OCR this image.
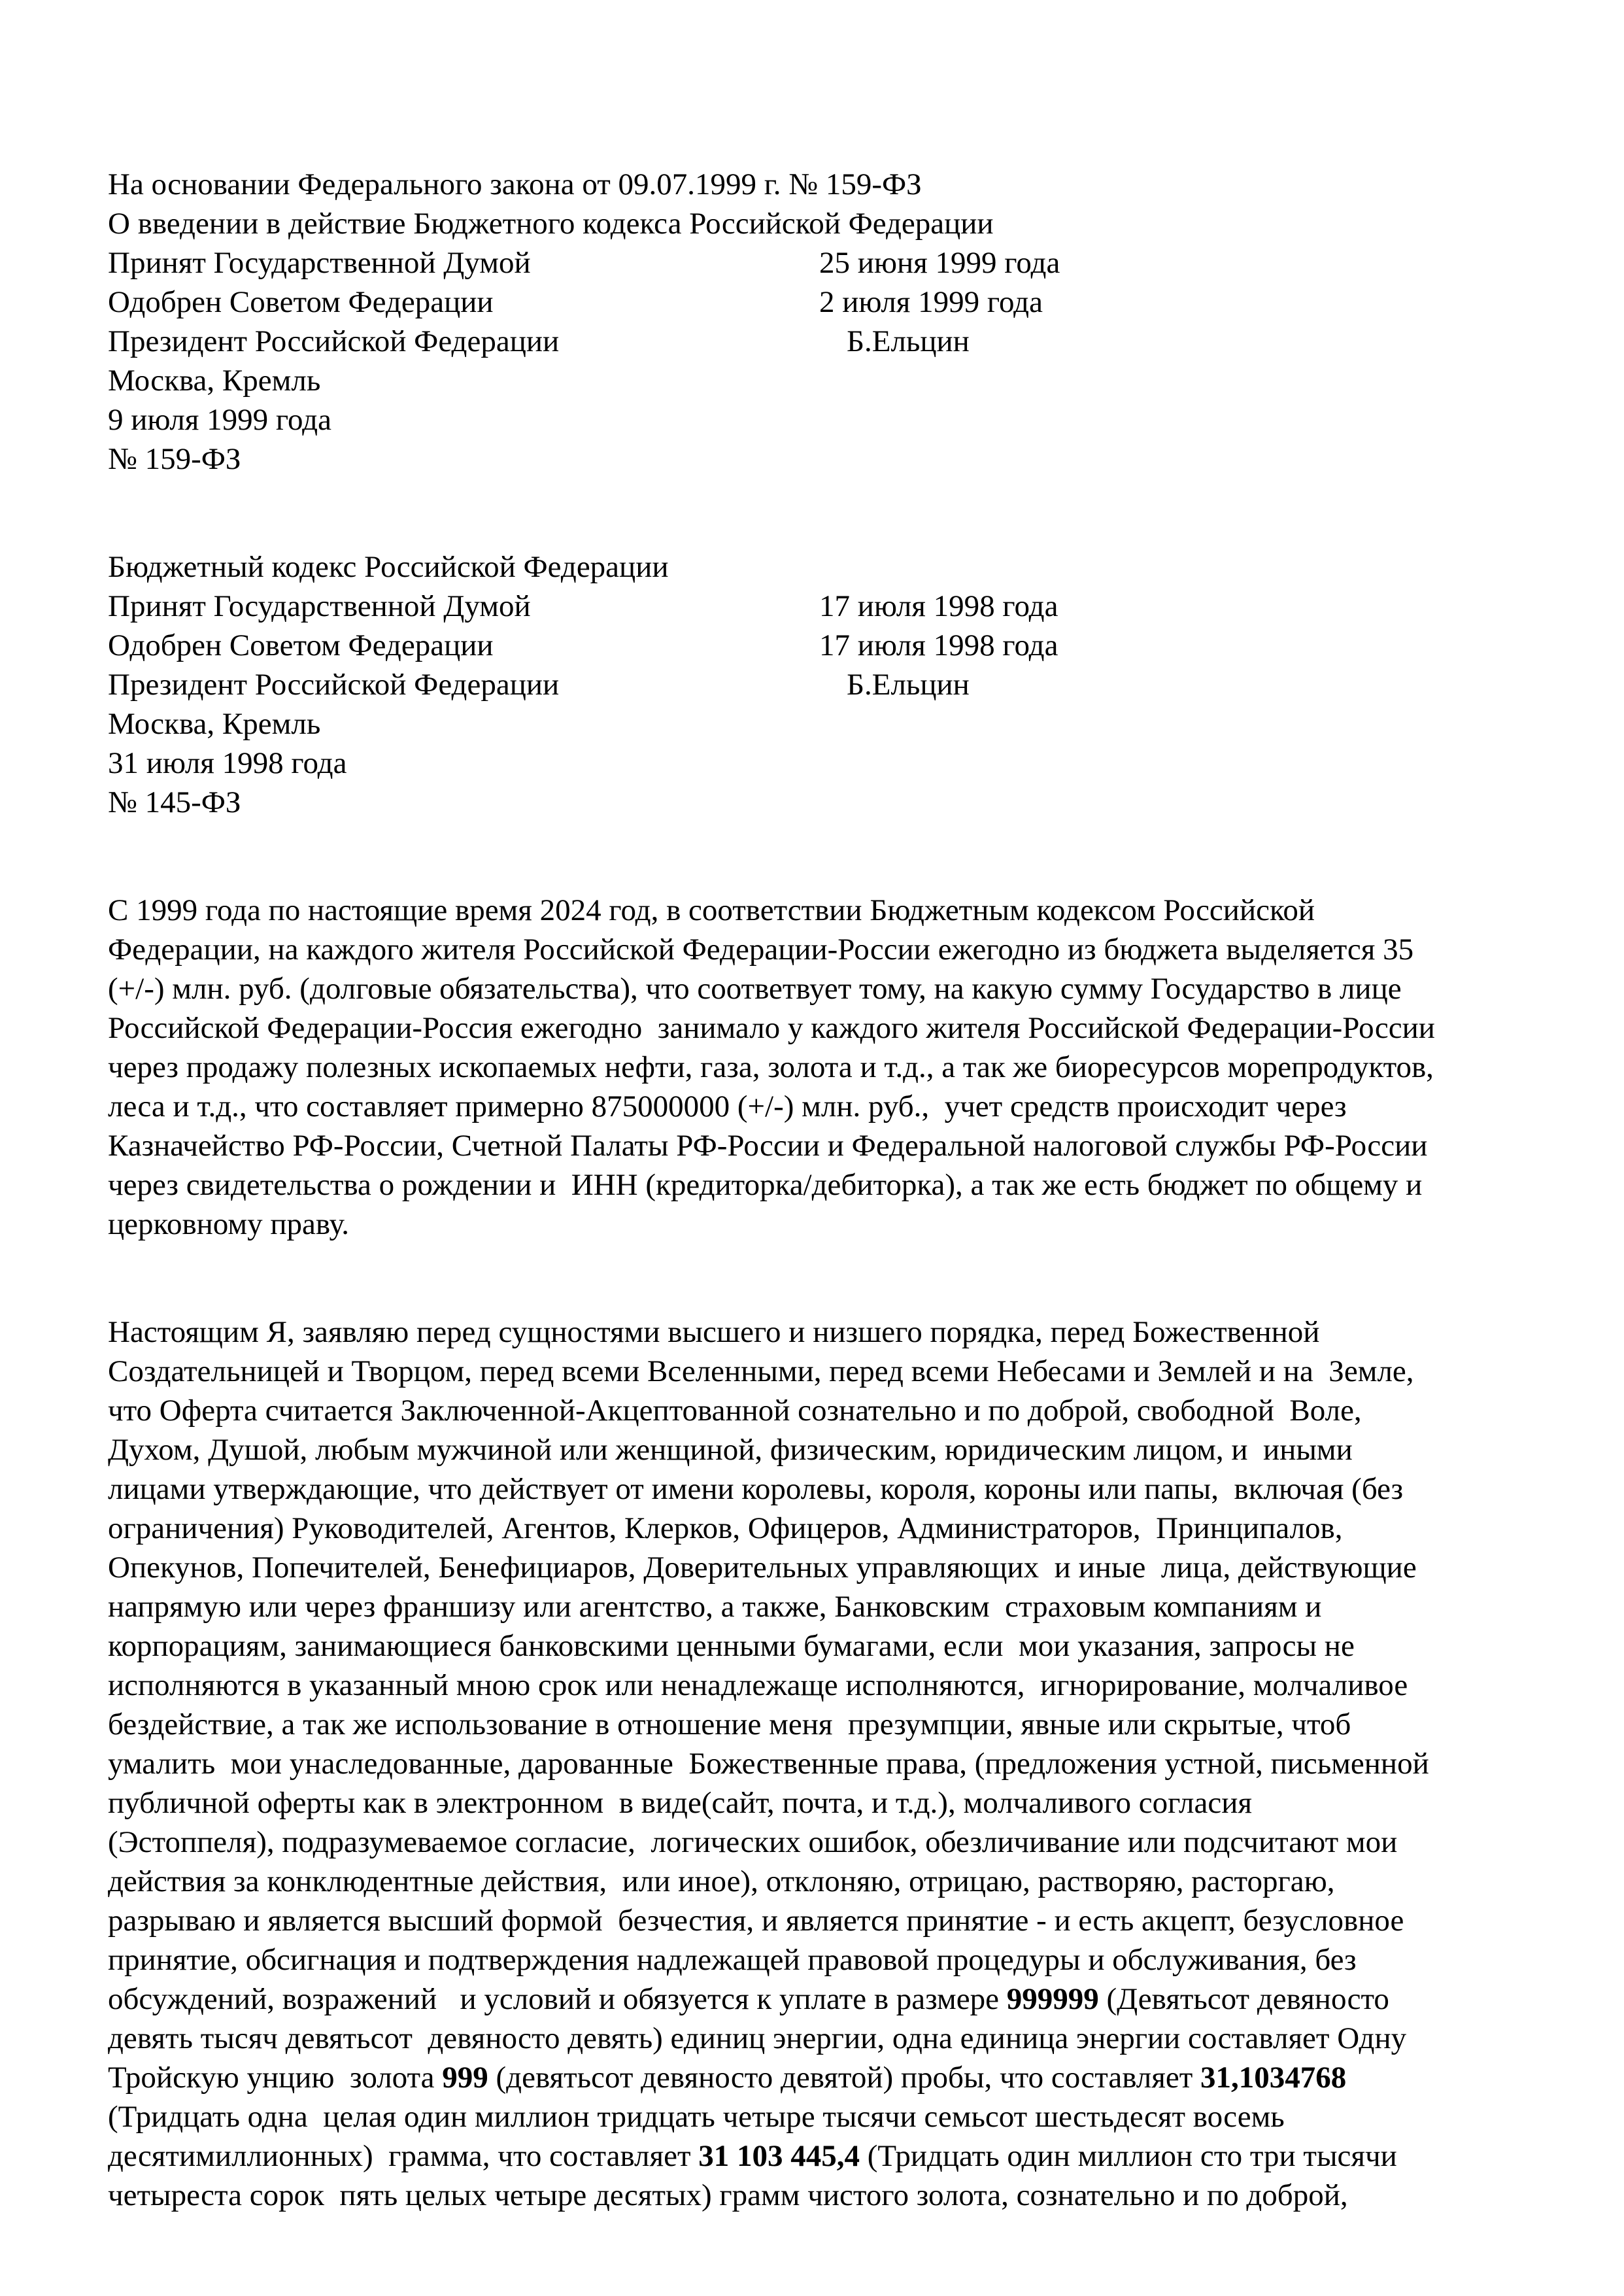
На основании Федерального закона от 09.07.1999 г. № 159-ФЗ
О введении в действие Бюджетного кодекса Российской Федерации
Принят Государственной Думой	25 июня 1999 года
Одобрен Советом Федерации	2 июля 1999 года
Президент Российской Федерации	Б.Ельцин
Москва, Кремль
9 июля 1999 года
№ 159-ФЗ
Бюджетный кодекс Российской Федерации
Принят Государственной Думой	17 июля 1998 года
Одобрен Советом Федерации	17 июля 1998 года
Президент Российской Федерации	Б.Ельцин
Москва, Кремль
31 июля 1998 года
№ 145-ФЗ
С 1999 года по настоящие время 2024 год, в соответствии Бюджетным кодексом Российской
Федерации, на каждого жителя Российской Федерации-России ежегодно из бюджета выделяется 35
(+/-) млн. руб. (долговые обязательства), что соответвует тому, на какую сумму Государство в лице
Российской Федерации-Россия ежегодно  занимало у каждого жителя Российской Федерации-России
через продажу полезных ископаемых нефти, газа, золота и т.д., а так же биоресурсов морепродуктов,
леса и т.д., что составляет примерно 875000000 (+/-) млн. руб.,  учет средств происходит через
Казначейство РФ-России, Счетной Палаты РФ-России и Федеральной налоговой службы РФ-России
через свидетельства о рождении и  ИНН (кредиторка/дебиторка), а так же есть бюджет по общему и
церковному праву.
Настоящим Я, заявляю перед сущностями высшего и низшего порядка, перед Божественной
Создательницей и Творцом, перед всеми Вселенными, перед всеми Небесами и Землей и на  Земле,
что Оферта считается Заключенной-Акцептованной сознательно и по доброй, свободной  Воле,
Духом, Душой, любым мужчиной или женщиной, физическим, юридическим лицом, и  иными
лицами утверждающие, что действует от имени королевы, короля, короны или папы,  включая (без
ограничения) Руководителей, Агентов, Клерков, Офицеров, Администраторов,  Принципалов,
Опекунов, Попечителей, Бенефициаров, Доверительных управляющих  и иные  лица, действующие
напрямую или через франшизу или агентство, а также, Банковским  страховым компаниям и
корпорациям, занимающиеся банковскими ценными бумагами, если  мои указания, запросы не
исполняются в указанный мною срок или ненадлежаще исполняются,  игнорирование, молчаливое
бездействие, а так же использование в отношение меня  презумпции, явные или скрытые, чтоб
умалить  мои унаследованные, дарованные  Божественные права, (предложения устной, письменной
публичной оферты как в электронном  в виде(сайт, почта, и т.д.), молчаливого согласия
(Эстоппеля), подразумеваемое согласие,  логических ошибок, обезличивание или подсчитают мои
действия за конклюдентные действия,  или иное), отклоняю, отрицаю, растворяю, расторгаю,
разрываю и является высший формой  безчестия, и является принятие - и есть акцепт, безусловное
принятие, обсигнация и подтверждения надлежащей правовой процедуры и обслуживания, без
обсуждений, возражений   и условий и обязуется к уплате в размере 999999 (Девятьсот девяносто
девять тысяч девятьсот  девяносто девять) единиц энергии, одна единица энергии составляет Одну
Тройскую унцию  золота 999 (девятьсот девяносто девятой) пробы, что составляет 31,1034768
(Тридцать одна  целая один миллион тридцать четыре тысячи семьсот шестьдесят восемь
десятимиллионных)  грамма, что составляет 31 103 445,4 (Тридцать один миллион сто три тысячи
четыреста сорок  пять целых четыре десятых) грамм чистого золота, сознательно и по доброй,
